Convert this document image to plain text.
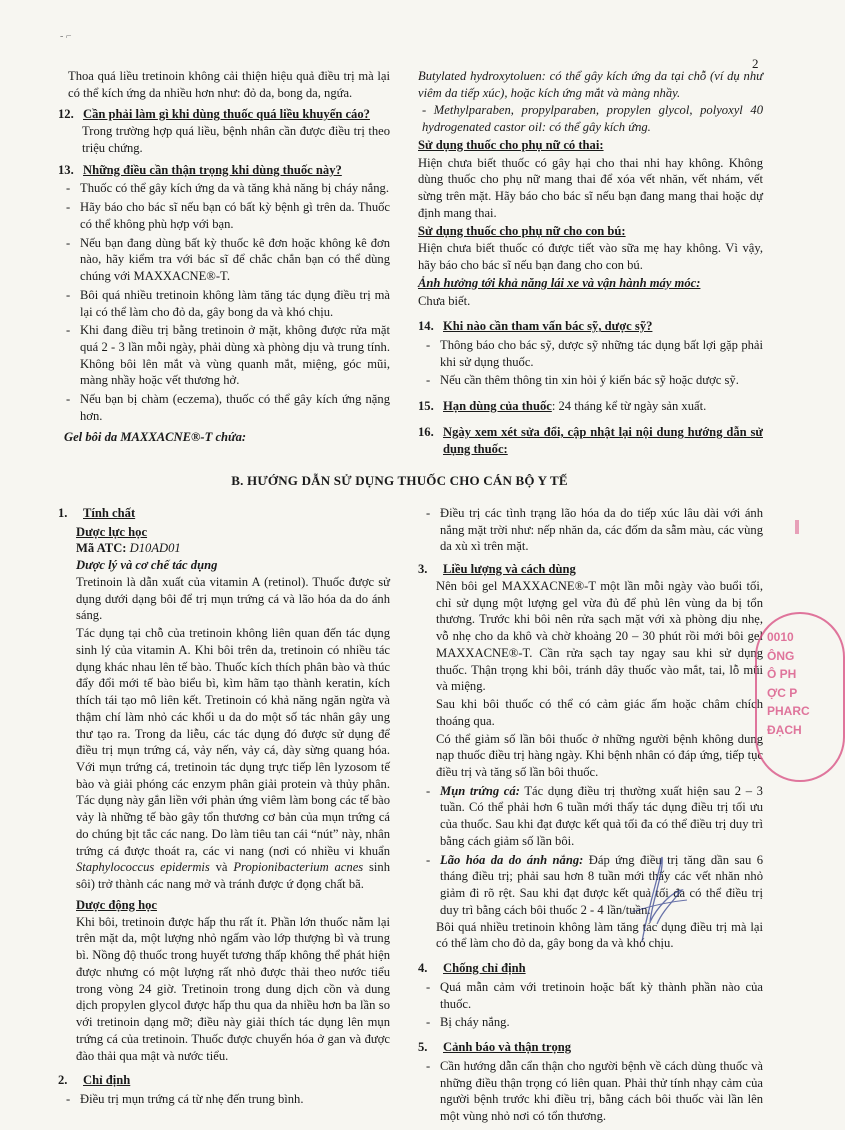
- ⌐
2

Thoa quá liều tretinoin không cải thiện hiệu quả điều trị mà lại có thể kích ứng da nhiều hơn như: đỏ da, bong da, ngứa.

12. Cần phải làm gì khi dùng thuốc quá liều khuyến cáo?

Trong trường hợp quá liều, bệnh nhân cần được điều trị theo triệu chứng.

13. Những điều cần thận trọng khi dùng thuốc này?
- Thuốc có thể gây kích ứng da và tăng khả năng bị cháy nắng.
- Hãy báo cho bác sĩ nếu bạn có bất kỳ bệnh gì trên da. Thuốc có thể không phù hợp với bạn.
- Nếu bạn đang dùng bất kỳ thuốc kê đơn hoặc không kê đơn nào, hãy kiểm tra với bác sĩ để chắc chắn bạn có thể dùng chúng với MAXXACNE®-T.
- Bôi quá nhiều tretinoin không làm tăng tác dụng điều trị mà lại có thể làm cho đỏ da, gây bong da và khó chịu.
- Khi đang điều trị bằng tretinoin ở mặt, không được rửa mặt quá 2 - 3 lần mỗi ngày, phải dùng xà phòng dịu và trung tính. Không bôi lên mắt và vùng quanh mắt, miệng, góc mũi, màng nhầy hoặc vết thương hở.
- Nếu bạn bị chàm (eczema), thuốc có thể gây kích ứng nặng hơn.
Gel bôi da MAXXACNE®-T chứa:

Butylated hydroxytoluen: có thể gây kích ứng da tại chỗ (ví dụ như viêm da tiếp xúc), hoặc kích ứng mắt và màng nhầy.

- Methylparaben, propylparaben, propylen glycol, polyoxyl 40 hydrogenated castor oil: có thể gây kích ứng.

Sử dụng thuốc cho phụ nữ có thai:

Hiện chưa biết thuốc có gây hại cho thai nhi hay không. Không dùng thuốc cho phụ nữ mang thai để xóa vết nhăn, vết nhám, vết sừng trên mặt. Hãy báo cho bác sĩ nếu bạn đang mang thai hoặc dự định mang thai.

Sử dụng thuốc cho phụ nữ cho con bú:

Hiện chưa biết thuốc có được tiết vào sữa mẹ hay không. Vì vậy, hãy báo cho bác sĩ nếu bạn đang cho con bú.

Ảnh hưởng tới khả năng lái xe và vận hành máy móc:

Chưa biết.

14. Khi nào cần tham vấn bác sỹ, dược sỹ?
- Thông báo cho bác sỹ, dược sỹ những tác dụng bất lợi gặp phải khi sử dụng thuốc.
- Nếu cần thêm thông tin xin hỏi ý kiến bác sỹ hoặc dược sỹ.
15. Hạn dùng của thuốc: 24 tháng kể từ ngày sản xuất.
16. Ngày xem xét sửa đổi, cập nhật lại nội dung hướng dẫn sử dụng thuốc:
B. HƯỚNG DẪN SỬ DỤNG THUỐC CHO CÁN BỘ Y TẾ
1. Tính chất
Dược lực học
Mã ATC: D10AD01
Dược lý và cơ chế tác dụng

Tretinoin là dẫn xuất của vitamin A (retinol). Thuốc được sử dụng dưới dạng bôi để trị mụn trứng cá và lão hóa da do ánh sáng.

Tác dụng tại chỗ của tretinoin không liên quan đến tác dụng sinh lý của vitamin A. Khi bôi trên da, tretinoin có nhiều tác dụng khác nhau lên tế bào. Thuốc kích thích phân bào và thúc đẩy đổi mới tế bào biểu bì, kìm hãm tạo thành keratin, kích thích tái tạo mô liên kết. Tretinoin có khả năng ngăn ngừa và thậm chí làm nhỏ các khối u da do một số tác nhân gây ung thư tạo ra. Trong da liễu, các tác dụng đó được sử dụng để điều trị mụn trứng cá, vảy nến, vảy cá, dày sừng quang hóa. Với mụn trứng cá, tretinoin tác dụng trực tiếp lên lyzosom tế bào và giải phóng các enzym phân giải protein và thủy phân. Tác dụng này gắn liền với phản ứng viêm làm bong các tế bào vảy là những tế bào gây tổn thương cơ bản của mụn trứng cá do chúng bịt tắc các nang. Do làm tiêu tan cái “nút” này, nhân trứng cá được thoát ra, các vi nang (nơi có nhiều vi khuẩn Staphylococcus epidermis và Propionibacterium acnes sinh sôi) trở thành các nang mở và tránh được ứ đọng chất bã.

Dược động học

Khi bôi, tretinoin được hấp thu rất ít. Phần lớn thuốc nằm lại trên mặt da, một lượng nhỏ ngấm vào lớp thượng bì và trung bì. Nồng độ thuốc trong huyết tương thấp không thể phát hiện được nhưng có một lượng rất nhỏ được thải theo nước tiểu trong vòng 24 giờ. Tretinoin trong dung dịch cồn và dung dịch propylen glycol được hấp thu qua da nhiều hơn ba lần so với tretinoin dạng mỡ; điều này giải thích tác dụng lên mụn trứng cá của tretinoin. Thuốc được chuyển hóa ở gan và được đào thải qua mật và nước tiểu.

2. Chỉ định
- Điều trị mụn trứng cá từ nhẹ đến trung bình.
- Điều trị các tình trạng lão hóa da do tiếp xúc lâu dài với ánh nắng mặt trời như: nếp nhăn da, các đốm da sẫm màu, các vùng da xù xì trên mặt.
3. Liều lượng và cách dùng

Nên bôi gel MAXXACNE®-T một lần mỗi ngày vào buổi tối, chỉ sử dụng một lượng gel vừa đủ để phủ lên vùng da bị tổn thương. Trước khi bôi nên rửa sạch mặt với xà phòng dịu nhẹ, vỗ nhẹ cho da khô và chờ khoảng 20 – 30 phút rồi mới bôi gel MAXXACNE®-T. Cần rửa sạch tay ngay sau khi sử dụng thuốc. Thận trọng khi bôi, tránh dây thuốc vào mắt, tai, lỗ mũi và miệng.

Sau khi bôi thuốc có thể có cảm giác ấm hoặc châm chích thoáng qua.

Có thể giảm số lần bôi thuốc ở những người bệnh không dung nạp thuốc điều trị hàng ngày. Khi bệnh nhân có đáp ứng, tiếp tục điều trị và tăng số lần bôi thuốc.

- Mụn trứng cá: Tác dụng điều trị thường xuất hiện sau 2 – 3 tuần. Có thể phải hơn 6 tuần mới thấy tác dụng điều trị tối ưu của thuốc. Sau khi đạt được kết quả tối đa có thể điều trị duy trì bằng cách giảm số lần bôi.
- Lão hóa da do ánh nắng: Đáp ứng điều trị tăng dần sau 6 tháng điều trị; phải sau hơn 8 tuần mới thấy các vết nhăn nhỏ giảm đi rõ rệt. Sau khi đạt được kết quả tối đa có thể điều trị duy trì bằng cách bôi thuốc 2 - 4 lần/tuần.

Bôi quá nhiều tretinoin không làm tăng tác dụng điều trị mà lại có thể làm cho đỏ da, gây bong da và khó chịu.

4. Chống chỉ định
- Quá mẫn cảm với tretinoin hoặc bất kỳ thành phần nào của thuốc.
- Bị cháy nắng.
5. Cảnh báo và thận trọng
- Cần hướng dẫn cẩn thận cho người bệnh về cách dùng thuốc và những điều thận trọng có liên quan. Phải thử tính nhạy cảm của người bệnh trước khi điều trị, bằng cách bôi thuốc vài lần lên một vùng nhỏ nơi có tổn thương.
0010
ÔNG
Ô PH
ỢC P
PHARC
ĐẠCH
